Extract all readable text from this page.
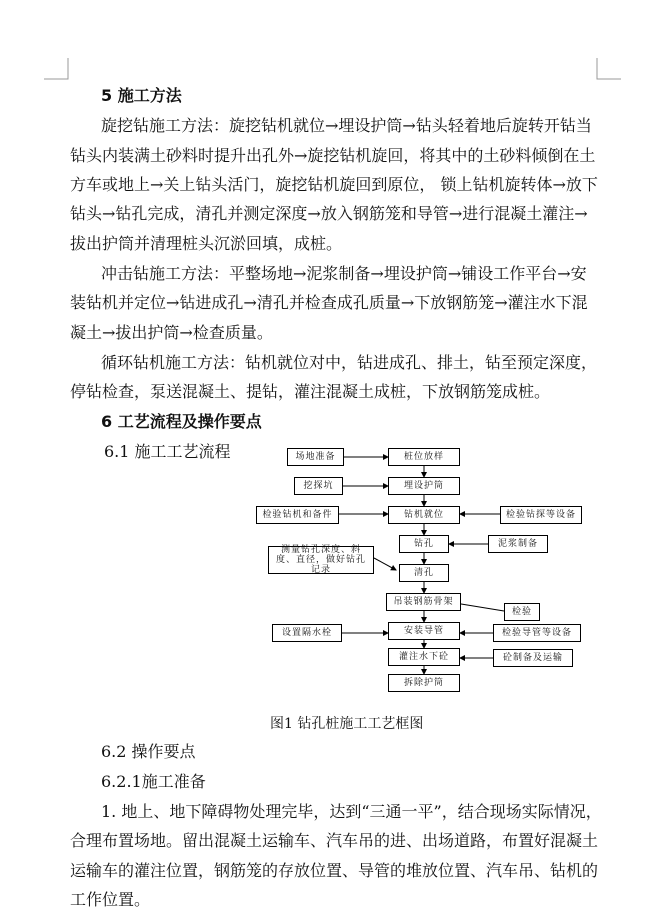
5 施工方法
旋挖钻施工方法：旋挖钻机就位→埋设护筒→钻头轻着地后旋转开钻当
钻头内装满土砂料时提升出孔外→旋挖钻机旋回，将其中的土砂料倾倒在土
方车或地上→关上钻头活门，旋挖钻机旋回到原位， 锁上钻机旋转体→放下
钻头→钻孔完成，清孔并测定深度→放入钢筋笼和导管→进行混凝土灌注→
拔出护筒并清理桩头沉淤回填，成桩。
冲击钻施工方法：平整场地→泥浆制备→埋设护筒→铺设工作平台→安
装钻机并定位→钻进成孔→清孔并检查成孔质量→下放钢筋笼→灌注水下混
凝土→拔出护筒→检查质量。
循环钻机施工方法：钻机就位对中，钻进成孔、排土，钻至预定深度，
停钻检查，泵送混凝土、提钻，灌注混凝土成桩，下放钢筋笼成桩。
6 工艺流程及操作要点
6.1 施工工艺流程	场地准备	桩位放样
挖探坑	埋设护筒
检验钻机和备件	钻机就位	检验钻探等设备
钻孔	泥浆制备
测量钻孔深度、斜度、直径，做好钻孔记录	清孔
吊装钢筋骨架
检验
设置隔水栓	安装导管	检验导管等设备
灌注水下砼	砼制备及运输
拆除护筒
图1 钻孔桩施工工艺框图
6.2 操作要点
6.2.1施工准备
1. 地上、地下障碍物处理完毕，达到“三通一平”，结合现场实际情况，
合理布置场地。留出混凝土运输车、汽车吊的进、出场道路，布置好混凝土
运输车的灌注位置，钢筋笼的存放位置、导管的堆放位置、汽车吊、钻机的
工作位置。
